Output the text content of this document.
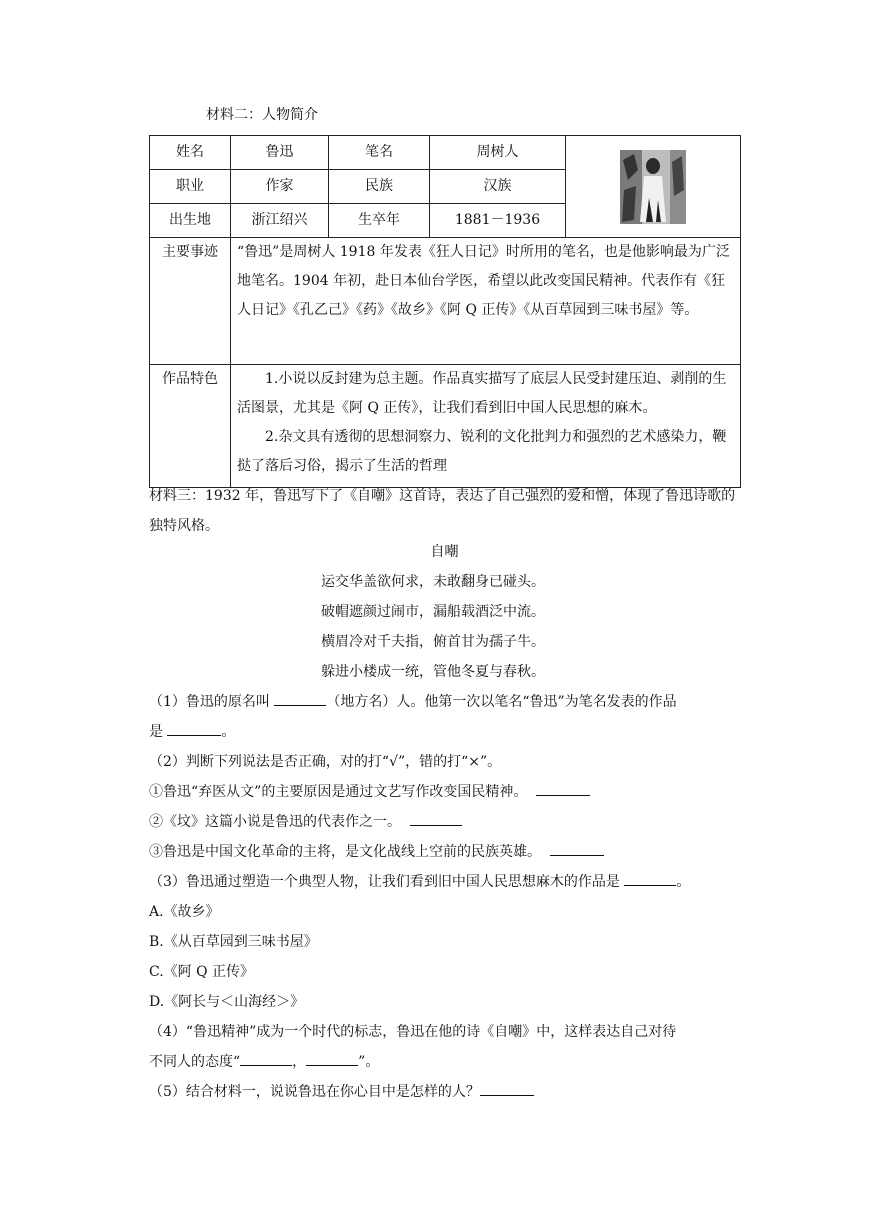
材料二：人物简介
姓名	鲁迅	笔名	周树人	

职业	作家	民族	汉族	
出生地	浙江绍兴	生卒年	1881－1936	
主要事迹	“鲁迅”是周树人 1918 年发表《狂人日记》时所用的笔名，也是他影响最为广泛地笔名。1904 年初，赴日本仙台学医，希望以此改变国民精神。代表作有《狂人日记》《孔乙己》《药》《故乡》《阿 Q 正传》《从百草园到三味书屋》等。			
作品特色	1.小说以反封建为总主题。作品真实描写了底层人民受封建压迫、剥削的生活图景，尤其是《阿 Q 正传》，让我们看到旧中国人民思想的麻木。
2.杂文具有透彻的思想洞察力、锐利的文化批判力和强烈的艺术感染力，鞭挞了落后习俗，揭示了生活的哲理			
材料三：1932 年，鲁迅写下了《自嘲》这首诗，表达了自己强烈的爱和憎，体现了鲁迅诗歌的独特风格。
自嘲
运交华盖欲何求，未敢翻身已碰头。
破帽遮颜过闹市，漏船载酒泛中流。
横眉冷对千夫指，俯首甘为孺子牛。
躲进小楼成一统，管他冬夏与春秋。
（1）鲁迅的原名叫	（地方名）人。他第一次以笔名“鲁迅”为笔名发表的作品
是	。
（2）判断下列说法是否正确，对的打“√”，错的打“×”。
①鲁迅“弃医从文”的主要原因是通过文艺写作改变国民精神。
②《坟》这篇小说是鲁迅的代表作之一。
③鲁迅是中国文化革命的主将，是文化战线上空前的民族英雄。
（3）鲁迅通过塑造一个典型人物，让我们看到旧中国人民思想麻木的作品是	。
A.《故乡》
B.《从百草园到三味书屋》
C.《阿 Q 正传》
D.《阿长与＜山海经＞》
（4）“鲁迅精神”成为一个时代的标志，鲁迅在他的诗《自嘲》中，这样表达自己对待
不同人的态度“	，	”。
（5）结合材料一，说说鲁迅在你心目中是怎样的人？
